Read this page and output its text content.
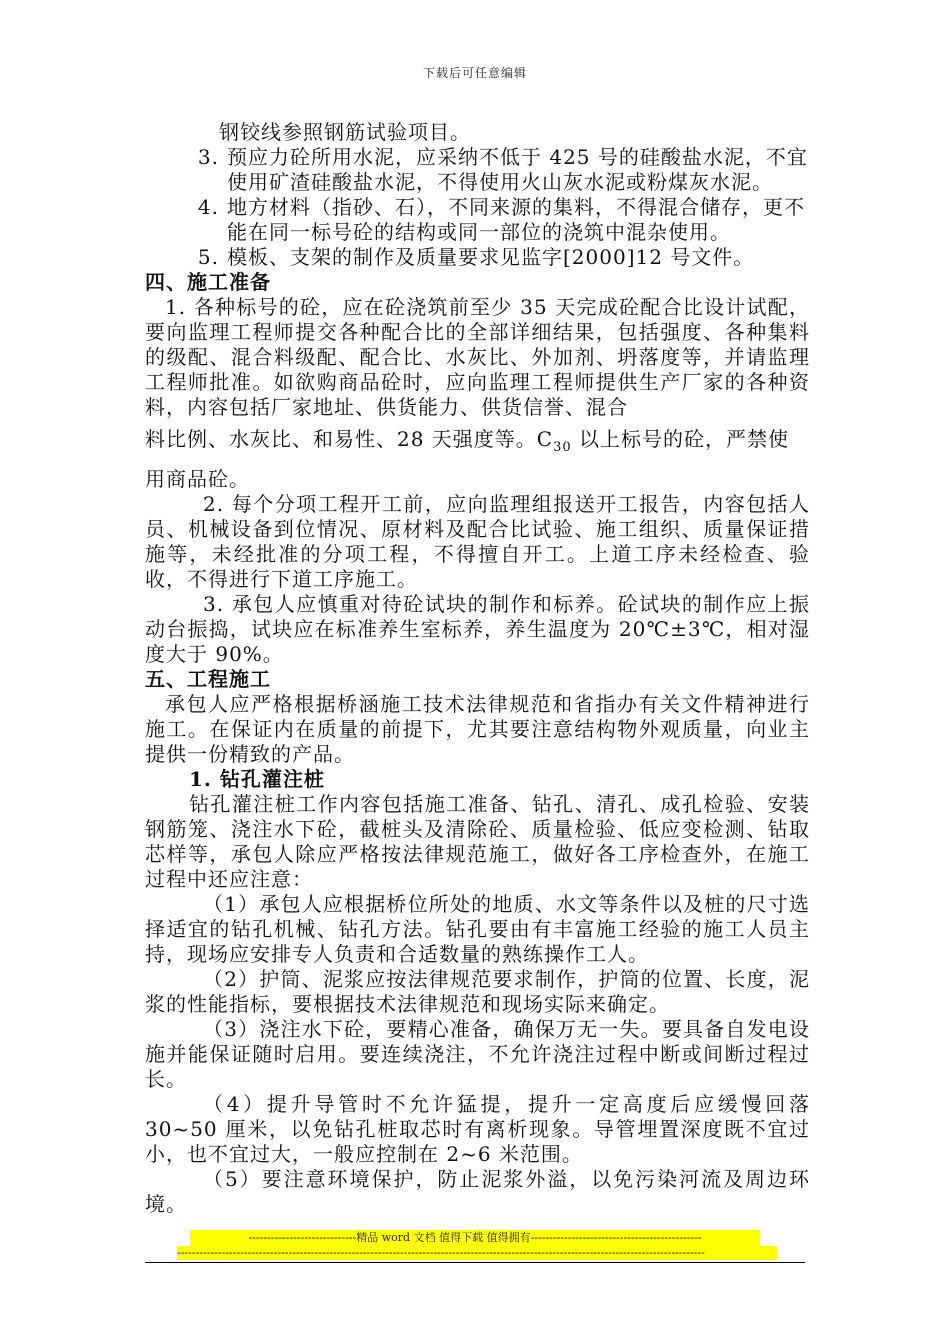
下载后可任意编辑

钢铰线参照钢筋试验项目。

3. 预应力砼所用水泥，应采纳不低于 425 号的硅酸盐水泥，不宜使用矿渣硅酸盐水泥，不得使用火山灰水泥或粉煤灰水泥。
4. 地方材料（指砂、石），不同来源的集料，不得混合储存，更不能在同一标号砼的结构或同一部位的浇筑中混杂使用。
5. 模板、支架的制作及质量要求见监字[2000]12 号文件。

四、施工准备

1. 各种标号的砼，应在砼浇筑前至少 35 天完成砼配合比设计试配，要向监理工程师提交各种配合比的全部详细结果，包括强度、各种集料的级配、混合料级配、配合比、水灰比、外加剂、坍落度等，并请监理工程师批准。如欲购商品砼时，应向监理工程师提供生产厂家的各种资料，内容包括厂家地址、供货能力、供货信誉、混合

料比例、水灰比、和易性、28 天强度等。$C_{30}$ 以上标号的砼，严禁使

用商品砼。

2. 每个分项工程开工前，应向监理组报送开工报告，内容包括人员、机械设备到位情况、原材料及配合比试验、施工组织、质量保证措施等，未经批准的分项工程，不得擅自开工。上道工序未经检查、验收，不得进行下道工序施工。

3. 承包人应慎重对待砼试块的制作和标养。砼试块的制作应上振动台振捣，试块应在标准养生室标养，养生温度为 20℃±3℃，相对湿度大于 90%。

五、工程施工

承包人应严格根据桥涵施工技术法律规范和省指办有关文件精神进行施工。在保证内在质量的前提下，尤其要注意结构物外观质量，向业主提供一份精致的产品。

1. 钻孔灌注桩

钻孔灌注桩工作内容包括施工准备、钻孔、清孔、成孔检验、安装钢筋笼、浇注水下砼，截桩头及清除砼、质量检验、低应变检测、钻取芯样等，承包人除应严格按法律规范施工，做好各工序检查外，在施工过程中还应注意：

（1）承包人应根据桥位所处的地质、水文等条件以及桩的尺寸选择适宜的钻孔机械、钻孔方法。钻孔要由有丰富施工经验的施工人员主持，现场应安排专人负责和合适数量的熟练操作工人。

（2）护筒、泥浆应按法律规范要求制作，护筒的位置、长度，泥浆的性能指标，要根据技术法律规范和现场实际来确定。

（3）浇注水下砼，要精心准备，确保万无一失。要具备自发电设施并能保证随时启用。要连续浇注，不允许浇注过程中断或间断过程过长。

（4）提升导管时不允许猛提，提升一定高度后应缓慢回落 30~50 厘米，以免钻孔桩取芯时有离析现象。导管埋置深度既不宜过小，也不宜过大，一般应控制在 2~6 米范围。

（5）要注意环境保护，防止泥浆外溢，以免污染河流及周边环境。

-----------------------------精品 word 文档 值得下载 值得拥有----------------------------------------------
----------------------------------------------------------------------------------------------------------------------------------------------
